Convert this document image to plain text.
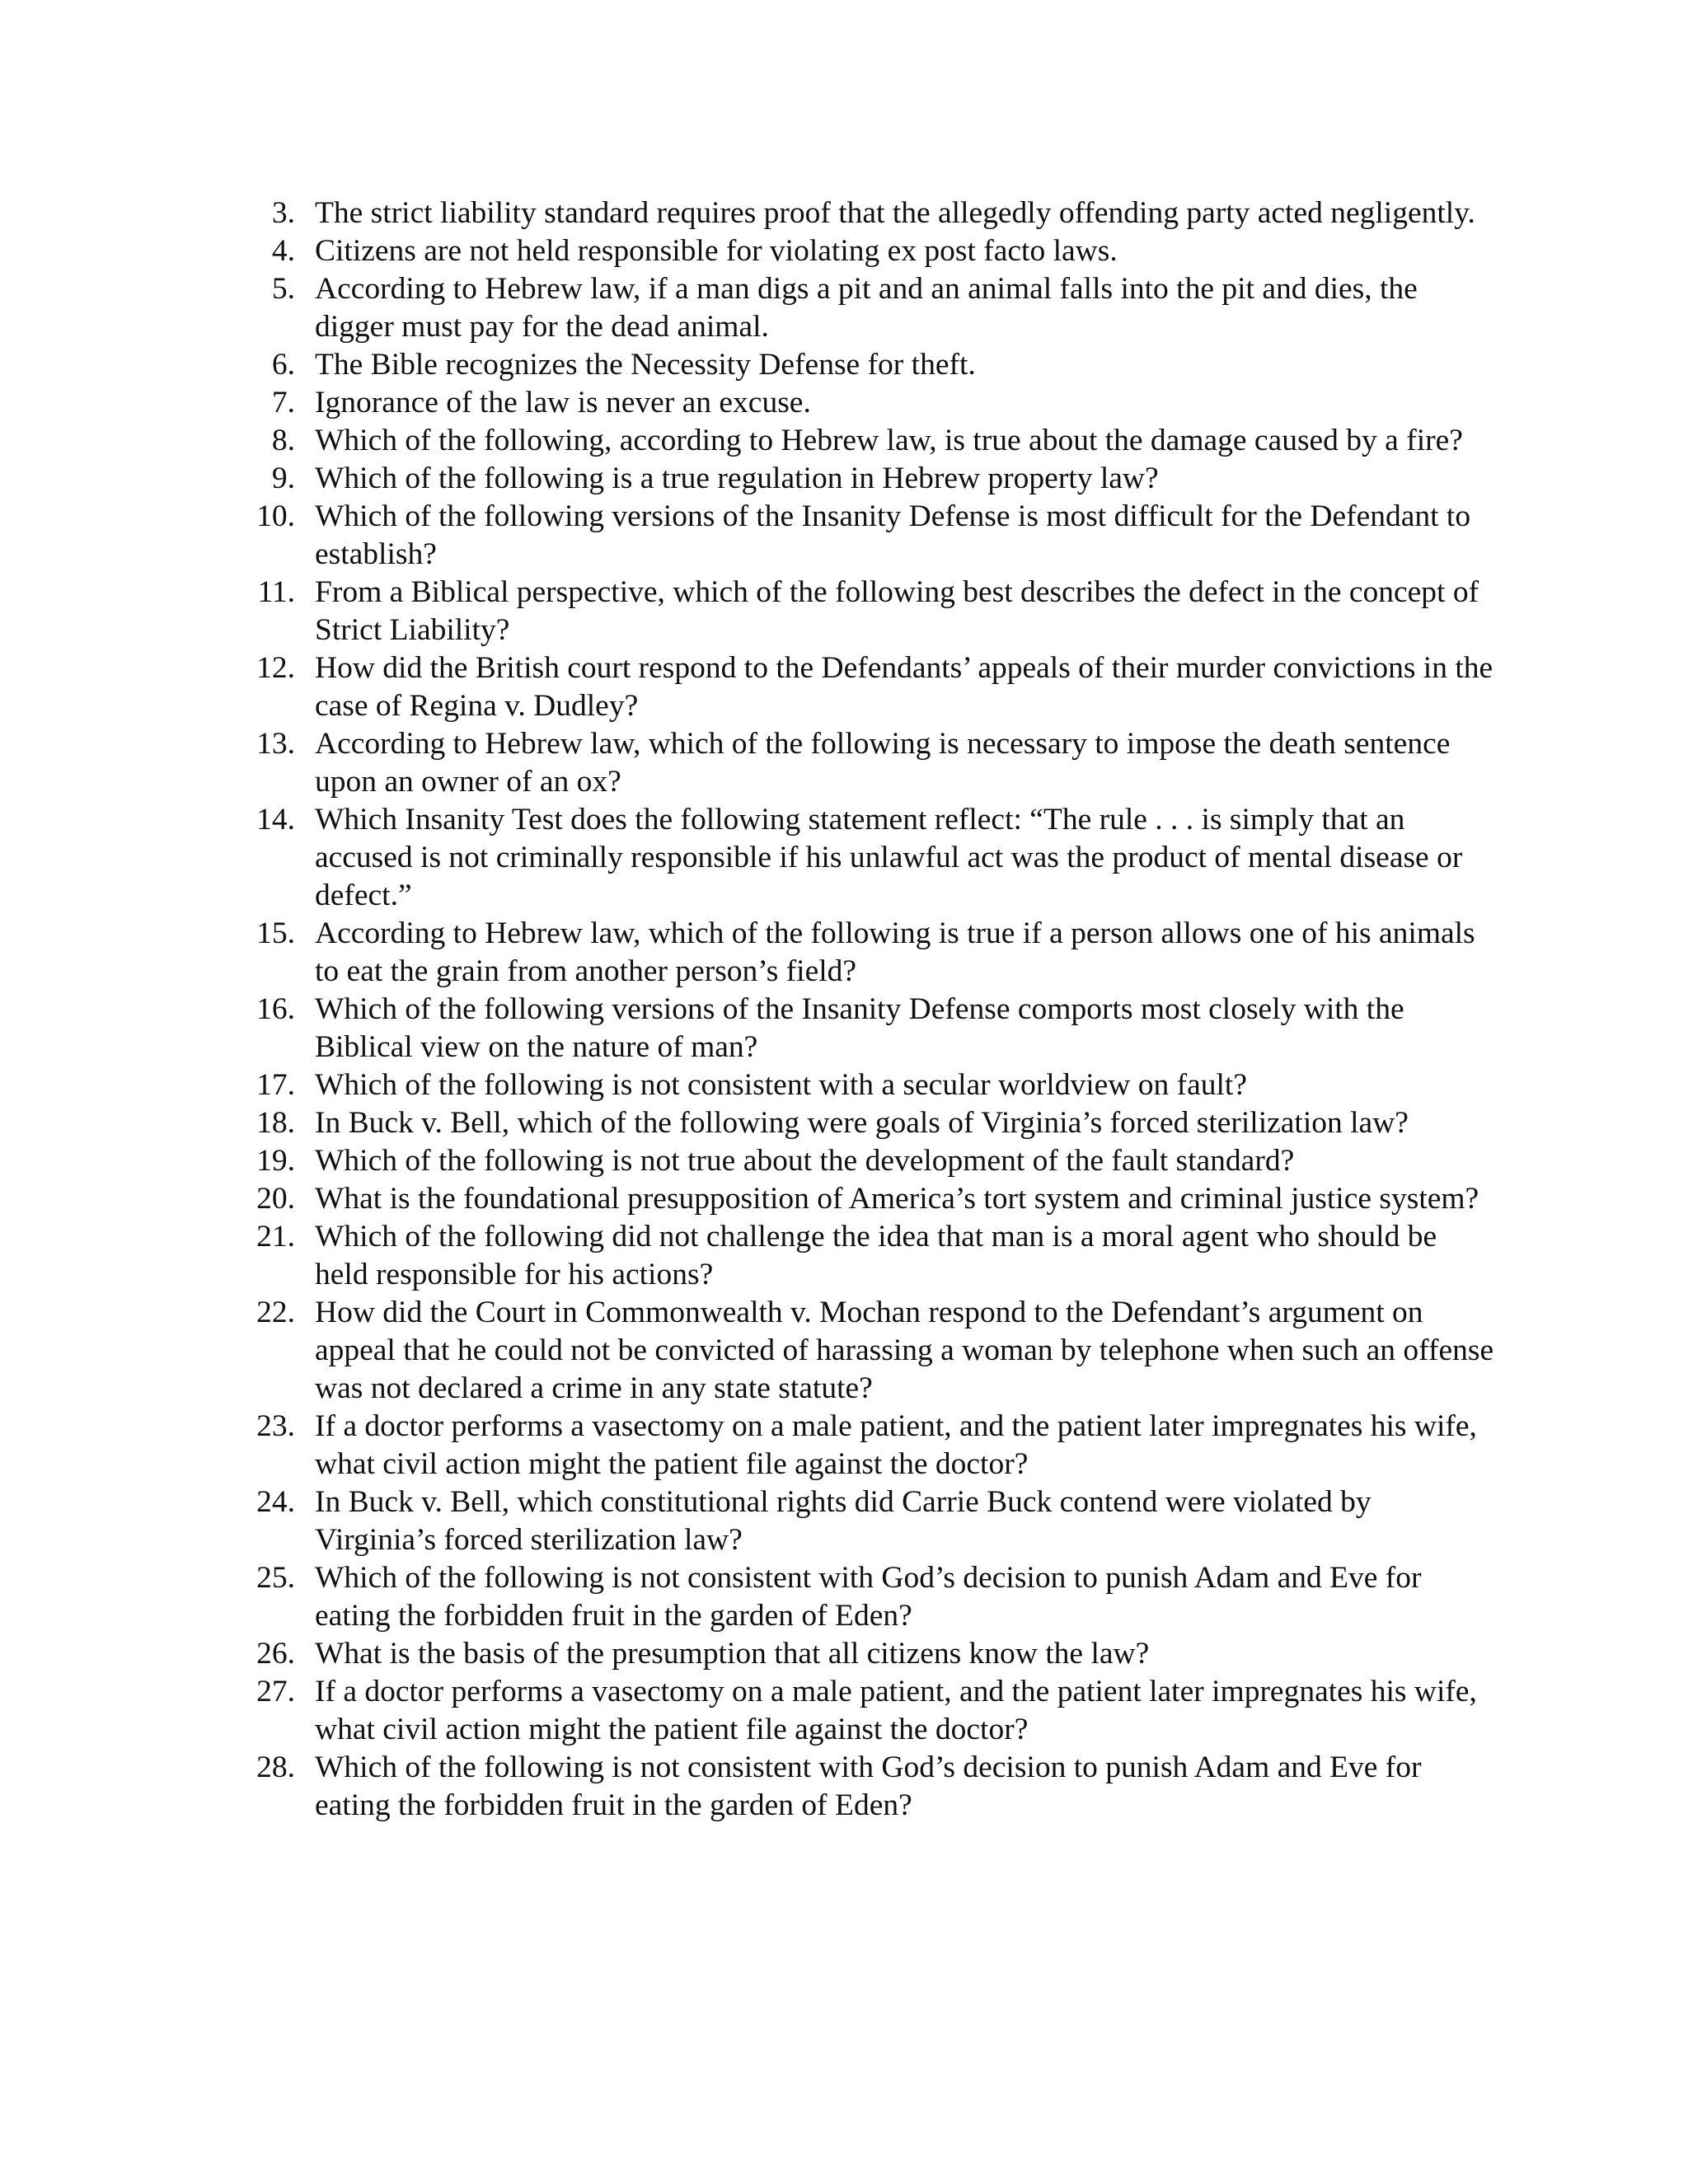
3. The strict liability standard requires proof that the allegedly offending party acted negligently.
4. Citizens are not held responsible for violating ex post facto laws.
5. According to Hebrew law, if a man digs a pit and an animal falls into the pit and dies, the digger must pay for the dead animal.
6. The Bible recognizes the Necessity Defense for theft.
7. Ignorance of the law is never an excuse.
8. Which of the following, according to Hebrew law, is true about the damage caused by a fire?
9. Which of the following is a true regulation in Hebrew property law?
10. Which of the following versions of the Insanity Defense is most difficult for the Defendant to establish?
11. From a Biblical perspective, which of the following best describes the defect in the concept of Strict Liability?
12. How did the British court respond to the Defendants’ appeals of their murder convictions in the case of Regina v. Dudley?
13. According to Hebrew law, which of the following is necessary to impose the death sentence upon an owner of an ox?
14. Which Insanity Test does the following statement reflect: “The rule . . . is simply that an accused is not criminally responsible if his unlawful act was the product of mental disease or defect.”
15. According to Hebrew law, which of the following is true if a person allows one of his animals to eat the grain from another person’s field?
16. Which of the following versions of the Insanity Defense comports most closely with the Biblical view on the nature of man?
17. Which of the following is not consistent with a secular worldview on fault?
18. In Buck v. Bell, which of the following were goals of Virginia’s forced sterilization law?
19. Which of the following is not true about the development of the fault standard?
20. What is the foundational presupposition of America’s tort system and criminal justice system?
21. Which of the following did not challenge the idea that man is a moral agent who should be held responsible for his actions?
22. How did the Court in Commonwealth v. Mochan respond to the Defendant’s argument on appeal that he could not be convicted of harassing a woman by telephone when such an offense was not declared a crime in any state statute?
23. If a doctor performs a vasectomy on a male patient, and the patient later impregnates his wife, what civil action might the patient file against the doctor?
24. In Buck v. Bell, which constitutional rights did Carrie Buck contend were violated by Virginia’s forced sterilization law?
25. Which of the following is not consistent with God’s decision to punish Adam and Eve for eating the forbidden fruit in the garden of Eden?
26. What is the basis of the presumption that all citizens know the law?
27. If a doctor performs a vasectomy on a male patient, and the patient later impregnates his wife, what civil action might the patient file against the doctor?
28. Which of the following is not consistent with God’s decision to punish Adam and Eve for eating the forbidden fruit in the garden of Eden?
